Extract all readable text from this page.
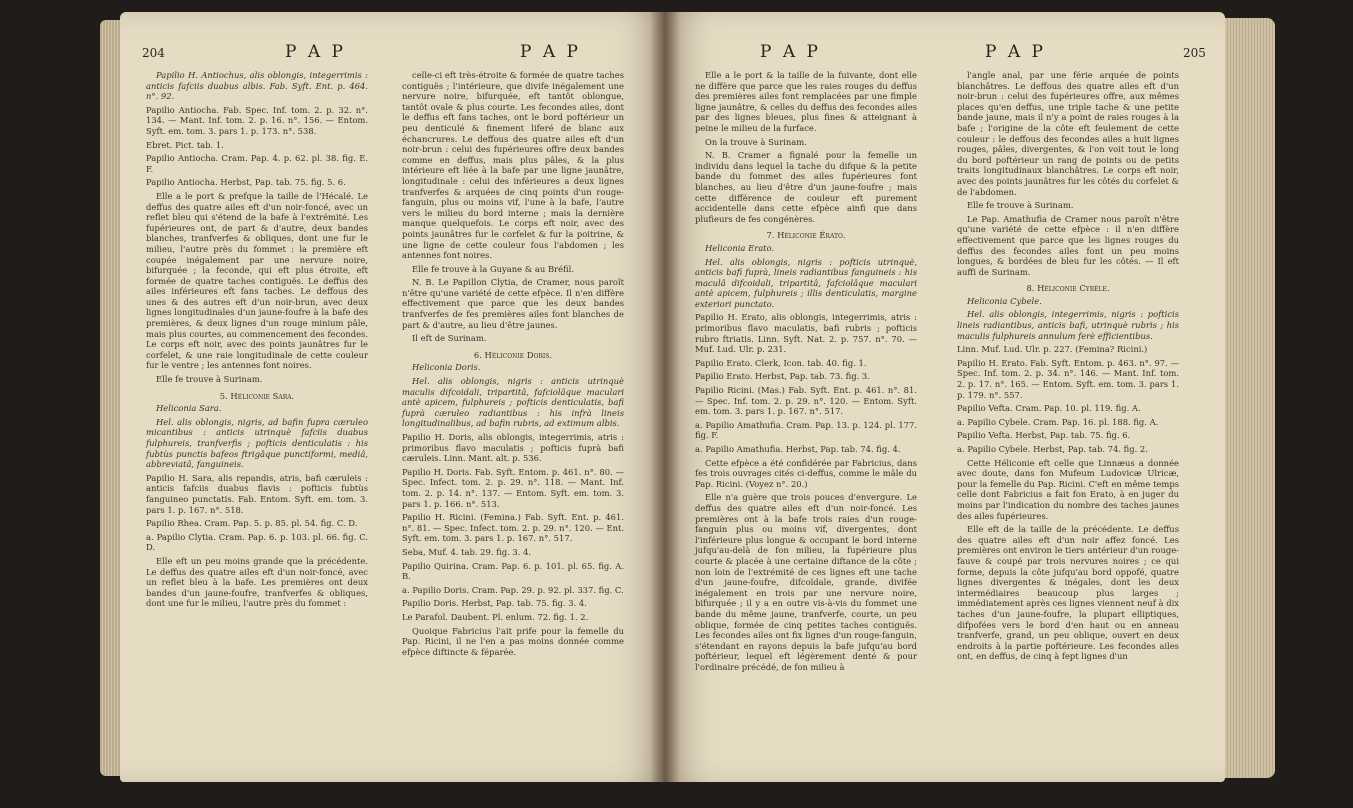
204	P A P	P A P

Papilio H. Antiochus, alis oblongis, integerrimis : anticis fafciis duabus albis. Fab. Syft. Ent. p. 464. n°. 92.

Papilio Antiocha. Fab. Spec. Inf. tom. 2. p. 32. n°. 134. — Mant. Inf. tom. 2. p. 16. n°. 156. — Entom. Syft. em. tom. 3. pars 1. p. 173. n°. 538.

Ebret. Pict. tab. 1.

Papilio Antiocha. Cram. Pap. 4. p. 62. pl. 38. fig. E. F.

Papilio Antiocha. Herbst, Pap. tab. 75. fig. 5. 6.

Elle a le port & prefque la taille de l'Hécalé. Le deffus des quatre ailes eft d'un noir-foncé, avec un reflet bleu qui s'étend de la bafe à l'extrémité. Les fupérieures ont, de part & d'autre, deux bandes blanches, tranfverfes & obliques, dont une fur le milieu, l'autre près du fommet : la première eft coupée inégalement par une nervure noire, bifurquée ; la feconde, qui eft plus étroite, eft formée de quatre taches contiguës. Le deffus des ailes inférieures eft fans taches. Le deffous des unes & des autres eft d'un noir-brun, avec deux lignes longitudinales d'un jaune-foufre à la bafe des premières, & deux lignes d'un rouge minium pâle, mais plus courtes, au commencement des fecondes. Le corps eft noir, avec des points jaunâtres fur le corfelet, & une raie longitudinale de cette couleur fur le ventre ; les antennes font noires.

Elle fe trouve à Surinam.

5. Héliconie Sara.

Heliconia Sara.

Hel. alis oblongis, nigris, ad bafin fupra cæruleo micantibus : anticis utrinquè fafciis duabus fulphureis, tranfverfis ; pofticis denticulatis : his fubtùs punctis bafeos ftrigâque punctiformi, mediâ, abbreviatâ, fanguineis.

Papilio H. Sara, alis repandis, atris, bafi cæruleis : anticis fafciis duabus flavis : pofticis fubtùs fanguineo punctatis. Fab. Entom. Syft. em. tom. 3. pars 1. p. 167. n°. 518.

Papilio Rhea. Cram. Pap. 5. p. 85. pl. 54. fig. C. D.

a. Papilio Clytia. Cram. Pap. 6. p. 103. pl. 66. fig. C. D.

Elle eft un peu moins grande que la précédente. Le deffus des quatre ailes eft d'un noir-foncé, avec un reflet bleu à la bafe. Les premières ont deux bandes d'un jaune-foufre, tranfverfes & obliques, dont une fur le milieu, l'autre près du fommet :

celle-ci eft très-étroite & formée de quatre taches contiguës ; l'intérieure, que divife inégalement une nervure noire, bifurquée, eft tantôt oblongue, tantôt ovale & plus courte. Les fecondes ailes, dont le deffus eft fans taches, ont le bord poftérieur un peu denticulé & finement liferé de blanc aux échancrures. Le deffous des quatre ailes eft d'un noir-brun : celui des fupérieures offre deux bandes comme en deffus, mais plus pâles, & la plus intérieure eft liée à la bafe par une ligne jaunâtre, longitudinale : celui des inférieures a deux lignes tranfverfes & arquées de cinq points d'un rouge-fanguin, plus ou moins vif, l'une à la bafe, l'autre vers le milieu du bord interne ; mais la dernière manque quelquefois. Le corps eft noir, avec des points jaunâtres fur le corfelet & fur la poitrine, & une ligne de cette couleur fous l'abdomen ; les antennes font noires.

Elle fe trouve à la Guyane & au Bréfil.

N. B. Le Papillon Clytia, de Cramer, nous paroît n'être qu'une variété de cette efpèce. Il n'en diffère effectivement que parce que les deux bandes tranfverfes de fes premières ailes font blanches de part & d'autre, au lieu d'être jaunes.

Il eft de Surinam.

6. Héliconie Doris.

Heliconia Doris.

Hel. alis oblongis, nigris : anticis utrinquè maculis difcoidali, tripartitâ, fafciolâque maculari antè apicem, fulphureis ; pofticis denticulatis, bafi fuprà cæruleo radiantibus : his infrà lineis longitudinalibus, ad bafin rubris, ad extimum albis.

Papilio H. Doris, alis oblongis, integerrimis, atris : primoribus flavo maculatis ; pofticis fuprà bafi cæruleis. Linn. Mant. alt. p. 536.

Papilio H. Doris. Fab. Syft. Entom. p. 461. n°. 80. — Spec. Infect. tom. 2. p. 29. n°. 118. — Mant. Inf. tom. 2. p. 14. n°. 137. — Entom. Syft. em. tom. 3. pars 1. p. 166. n°. 513.

Papilio H. Ricini. (Femina.) Fab. Syft. Ent. p. 461. n°. 81. — Spec. Infect. tom. 2. p. 29. n°. 120. — Ent. Syft. em. tom. 3. pars 1. p. 167. n°. 517.

Seba, Muf. 4. tab. 29. fig. 3. 4.

Papilio Quirina. Cram. Pap. 6. p. 101. pl. 65. fig. A. B.

a. Papilio Doris. Cram. Pap. 29. p. 92. pl. 337. fig. C.

Papilio Doris. Herbst, Pap. tab. 75. fig. 3. 4.

Le Parafol. Daubent. Pl. enlum. 72. fig. 1. 2.

Quoique Fabricius l'ait prife pour la femelle du Pap. Ricini, il ne l'en a pas moins donnée comme efpèce diftincte & féparée.

P A P	P A P	205

Elle a le port & la taille de la fuivante, dont elle ne diffère que parce que les raies rouges du deffus des premières ailes font remplacées par une fimple ligne jaunâtre, & celles du deffus des fecondes ailes par des lignes bleues, plus fines & atteignant à peine le milieu de la furface.

On la trouve à Surinam.

N. B. Cramer a fignalé pour la femelle un individu dans lequel la tache du difque & la petite bande du fommet des ailes fupérieures font blanches, au lieu d'être d'un jaune-foufre ; mais cette différence de couleur eft purement accidentelle dans cette efpèce ainfi que dans plufieurs de fes congénères.

7. Héliconie Érato.

Heliconia Erato.

Hel. alis oblongis, nigris : pofticis utrinquè, anticis bafi fuprà, lineis radiantibus fanguineis : his maculâ difcoidali, tripartitâ, fafciolâque maculari antè apicem, fulphureis ; illis denticulatis, margine exteriori punctato.

Papilio H. Erato, alis oblongis, integerrimis, atris : primoribus flavo maculatis, bafi rubris ; pofticis rubro ftriatis. Linn. Syft. Nat. 2. p. 757. n°. 70. — Muf. Lud. Ulr. p. 231.

Papilio Erato. Clerk, Icon. tab. 40. fig. 1.

Papilio Erato. Herbst, Pap. tab. 73. fig. 3.

Papilio Ricini. (Mas.) Fab. Syft. Ent. p. 461. n°. 81. — Spec. Inf. tom. 2. p. 29. n°. 120. — Entom. Syft. em. tom. 3. pars 1. p. 167. n°. 517.

a. Papilio Amathufia. Cram. Pap. 13. p. 124. pl. 177. fig. F.

a. Papilio Amathufia. Herbst, Pap. tab. 74. fig. 4.

Cette efpèce a été confidérée par Fabricius, dans fes trois ouvrages cités ci-deffus, comme le mâle du Pap. Ricini. (Voyez n°. 20.)

Elle n'a guère que trois pouces d'envergure. Le deffus des quatre ailes eft d'un noir-foncé. Les premières ont à la bafe trois raies d'un rouge-fanguin plus ou moins vif, divergentes, dont l'inférieure plus longue & occupant le bord interne jufqu'au-delà de fon milieu, la fupérieure plus courte & placée à une certaine diftance de la côte ; non loin de l'extrémité de ces lignes eft une tache d'un jaune-foufre, difcoïdale, grande, divifée inégalement en trois par une nervure noire, bifurquée ; il y a en outre vis-à-vis du fommet une bande du même jaune, tranfverfe, courte, un peu oblique, formée de cinq petites taches contiguës. Les fecondes ailes ont fix lignes d'un rouge-fanguin, s'étendant en rayons depuis la bafe jufqu'au bord poftérieur, lequel eft légèrement denté & pour l'ordinaire précédé, de fon milieu à

l'angle anal, par une férie arquée de points blanchâtres. Le deffous des quatre ailes eft d'un noir-brun : celui des fupérieures offre, aux mêmes places qu'en deffus, une triple tache & une petite bande jaune, mais il n'y a point de raies rouges à la bafe ; l'origine de la côte eft feulement de cette couleur : le deffous des fecondes ailes a huit lignes rouges, pâles, divergentes, & l'on voit tout le long du bord poftérieur un rang de points ou de petits traits longitudinaux blanchâtres. Le corps eft noir, avec des points jaunâtres fur les côtés du corfelet & de l'abdomen.

Elle fe trouve à Surinam.

Le Pap. Amathufia de Cramer nous paroît n'être qu'une variété de cette efpèce : il n'en diffère effectivement que parce que les lignes rouges du deffus des fecondes ailes font un peu moins longues, & bordées de bleu fur les côtés. — Il eft auffi de Surinam.

8. Héliconie Cybèle.

Heliconia Cybele.

Hel. alis oblongis, integerrimis, nigris : pofticis lineis radiantibus, anticis bafi, utrinquè rubris ; his maculis fulphureis annulum ferè efficientibus.

Linn. Muf. Lud. Ulr. p. 227. (Femina? Ricini.)

Papilio H. Erato. Fab. Syft. Entom. p. 463. n°. 97. — Spec. Inf. tom. 2. p. 34. n°. 146. — Mant. Inf. tom. 2. p. 17. n°. 165. — Entom. Syft. em. tom. 3. pars 1. p. 179. n°. 557.

Papilio Vefta. Cram. Pap. 10. pl. 119. fig. A.

a. Papilio Cybele. Cram. Pap. 16. pl. 188. fig. A.

Papilio Vefta. Herbst, Pap. tab. 75. fig. 6.

a. Papilio Cybele. Herbst, Pap. tab. 74. fig. 2.

Cette Héliconie eft celle que Linnæus a donnée avec doute, dans fon Mufeum Ludovicæ Ulricæ, pour la femelle du Pap. Ricini. C'eft en même temps celle dont Fabricius a fait fon Erato, à en juger du moins par l'indication du nombre des taches jaunes des ailes fupérieures.

Elle eft de la taille de la précédente. Le deffus des quatre ailes eft d'un noir affez foncé. Les premières ont environ le tiers antérieur d'un rouge-fauve & coupé par trois nervures noires ; ce qui forme, depuis la côte jufqu'au bord oppofé, quatre lignes divergentes & inégales, dont les deux intermédiaires beaucoup plus larges ; immédiatement après ces lignes viennent neuf à dix taches d'un jaune-foufre, la plupart elliptiques, difpofées vers le bord d'en haut ou en anneau tranfverfe, grand, un peu oblique, ouvert en deux endroits à la partie poftérieure. Les fecondes ailes ont, en deffus, de cinq à fept lignes d'un
